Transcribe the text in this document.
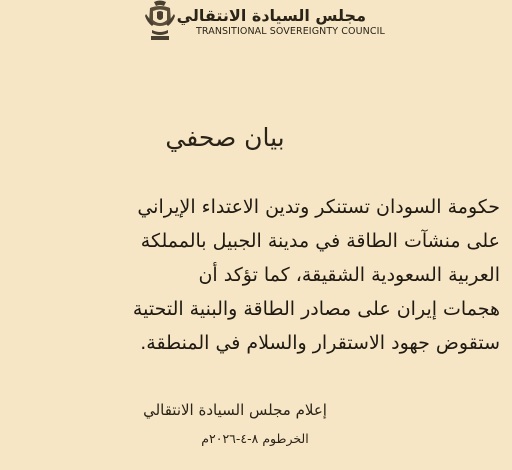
مجلس السيادة الانتقالي
TRANSITIONAL SOVEREIGNTY COUNCIL
بيان صحفي
حكومة السودان تستنكر وتدين الاعتداء الإيراني
على منشآت الطاقة في مدينة الجبيل بالمملكة
العربية السعودية الشقيقة، كما تؤكد أن
هجمات إيران على مصادر الطاقة والبنية التحتية
ستقوض جهود الاستقرار والسلام في المنطقة.
إعلام مجلس السيادة الانتقالي
الخرطوم ٨-٤-٢٠٢٦م
